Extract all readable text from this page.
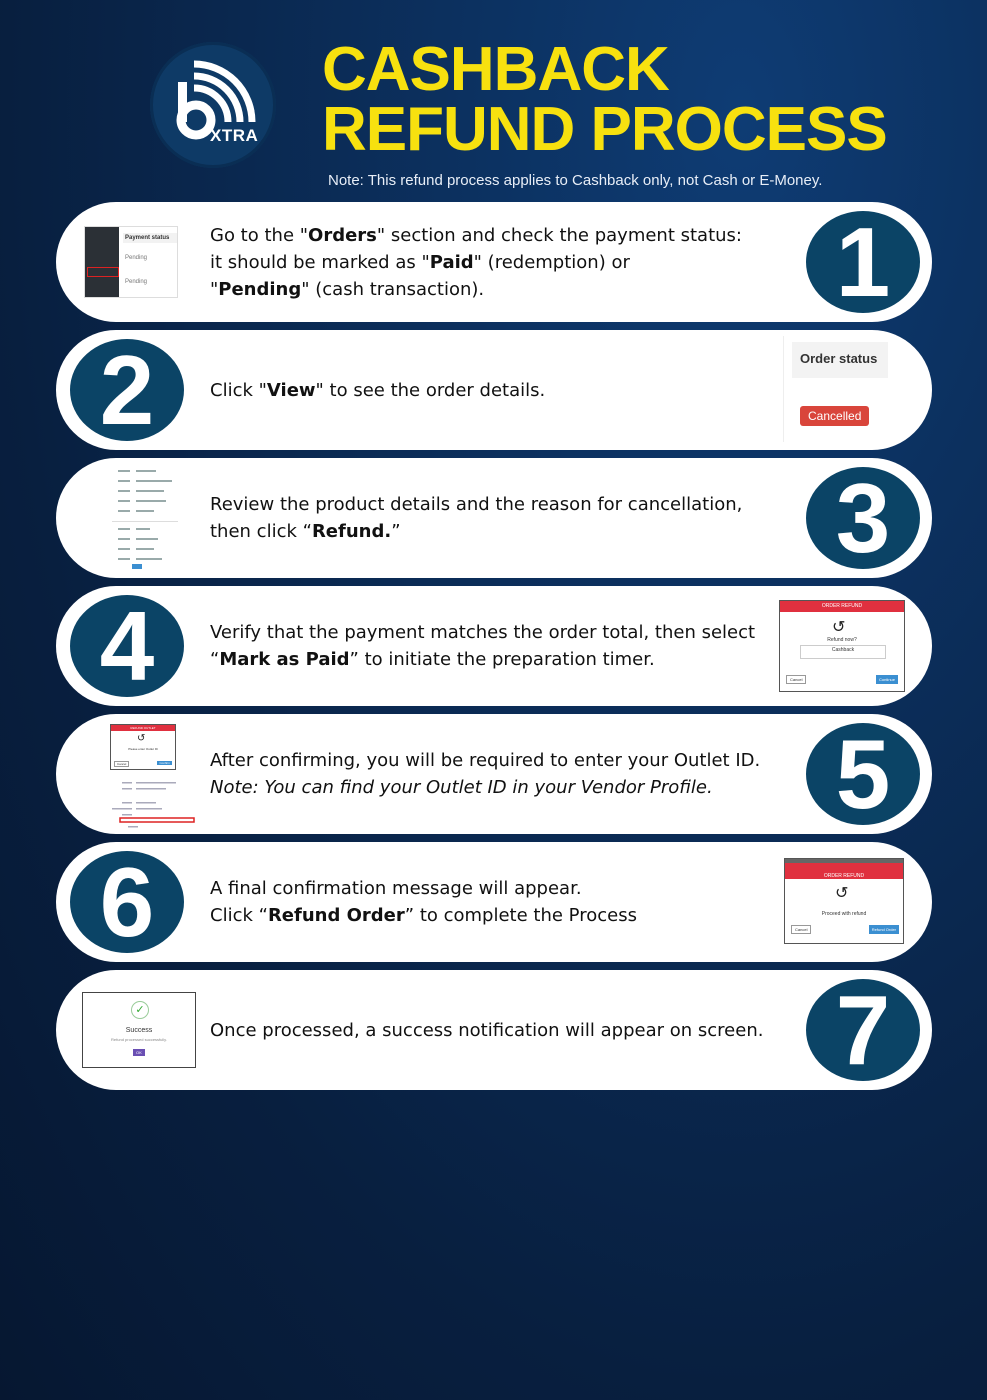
XTRA
CASHBACK
REFUND PROCESS
Note: This refund process applies to Cashback only, not Cash or E-Money.
Payment status
Pending
Pending
Go to the "Orders" section and check the payment status:
it should be marked as "Paid" (redemption) or
"Pending" (cash transaction).	1
2	Click "View" to see the order details.
Order status
Cancelled
Review the product details and the reason for cancellation,
then click “Refund.”	3
4	Verify that the payment matches the order total, then select
“Mark as Paid” to initiate the preparation timer.
ORDER REFUND
↺
Refund now?
Cashback
Cancel	Continue
REFUND OUTLET
↺
Please enter Outlet ID
Cancel	Confirm After confirming, you will be required to enter your Outlet ID.
Note: You can find your Outlet ID in your Vendor Profile.	5
6	A final confirmation message will appear.
Click “Refund Order” to complete the Process
ORDER REFUND
↺
Proceed with refund
Cancel	Refund Order
✓
Success
Refund processed successfully.
OK
Once processed, a success notification will appear on screen. 7
